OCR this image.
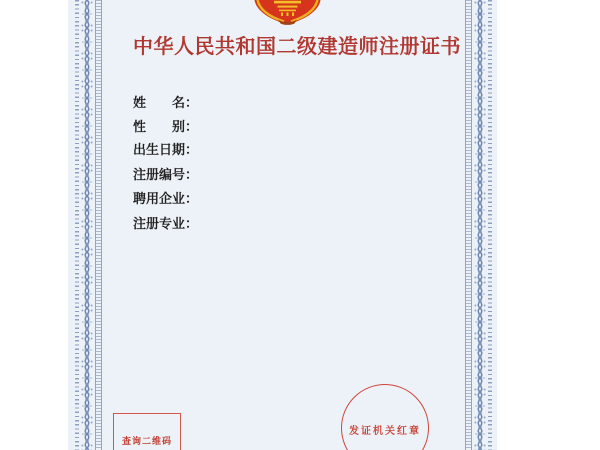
中华人民共和国二级建造师注册证书
姓　　名：
性　　别：
出生日期：
注册编号：
聘用企业：
注册专业：
查询二维码
发证机关红章
